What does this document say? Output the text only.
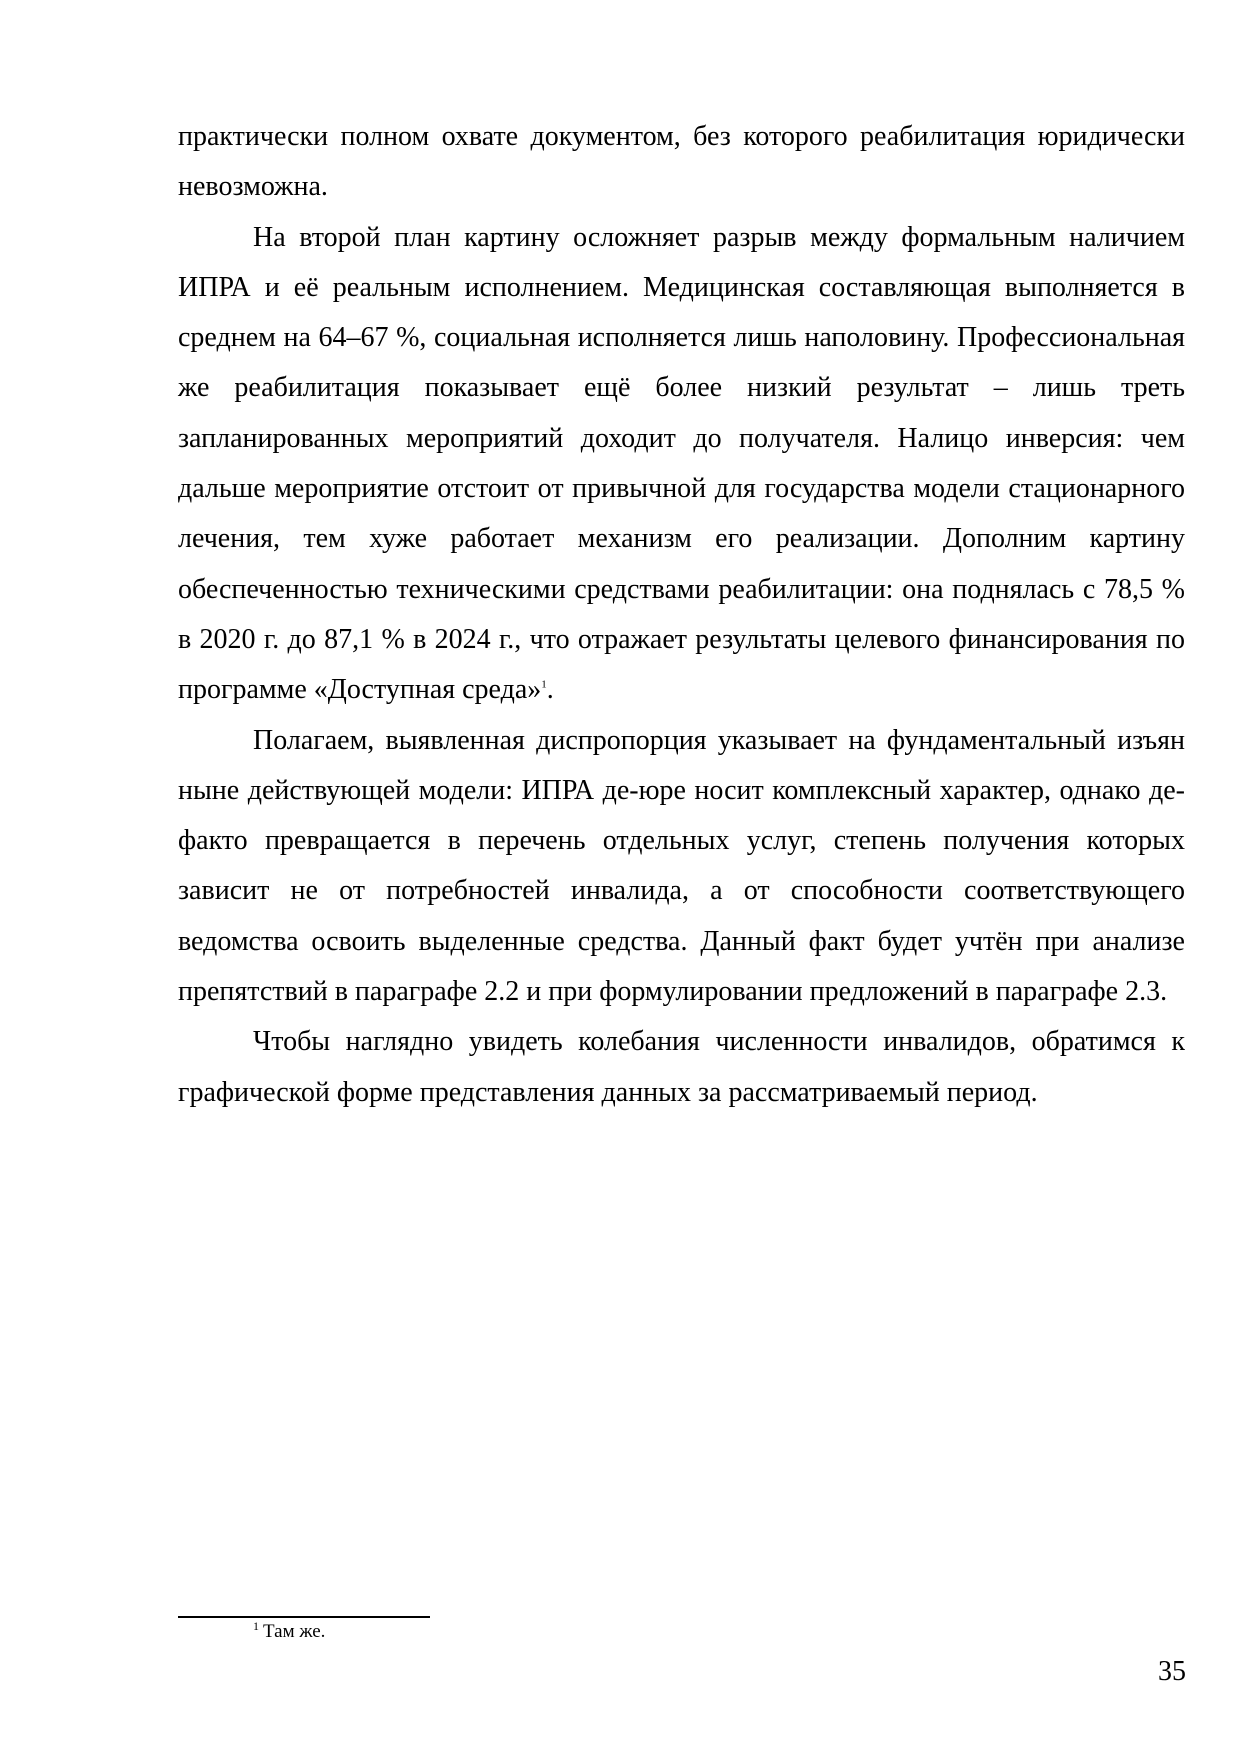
практически полном охвате документом, без которого реабилитация юридически невозможна.

На второй план картину осложняет разрыв между формальным наличием ИПРА и её реальным исполнением. Медицинская составляющая выполняется в среднем на 64–67 %, социальная исполняется лишь наполовину. Профессиональная же реабилитация показывает ещё более низкий результат – лишь треть запланированных мероприятий доходит до получателя. Налицо инверсия: чем дальше мероприятие отстоит от привычной для государства модели стационарного лечения, тем хуже работает механизм его реализации. Дополним картину обеспеченностью техническими средствами реабилитации: она поднялась с 78,5 % в 2020 г. до 87,1 % в 2024 г., что отражает результаты целевого финансирования по программе «Доступная среда»$^1$.

Полагаем, выявленная диспропорция указывает на фундаментальный изъян ныне действующей модели: ИПРА де-юре носит комплексный характер, однако де-факто превращается в перечень отдельных услуг, степень получения которых зависит не от потребностей инвалида, а от способности соответствующего ведомства освоить выделенные средства. Данный факт будет учтён при анализе препятствий в параграфе 2.2 и при формулировании предложений в параграфе 2.3.

Чтобы наглядно увидеть колебания численности инвалидов, обратимся к графической форме представления данных за рассматриваемый период.

$^1$ Там же.
35
